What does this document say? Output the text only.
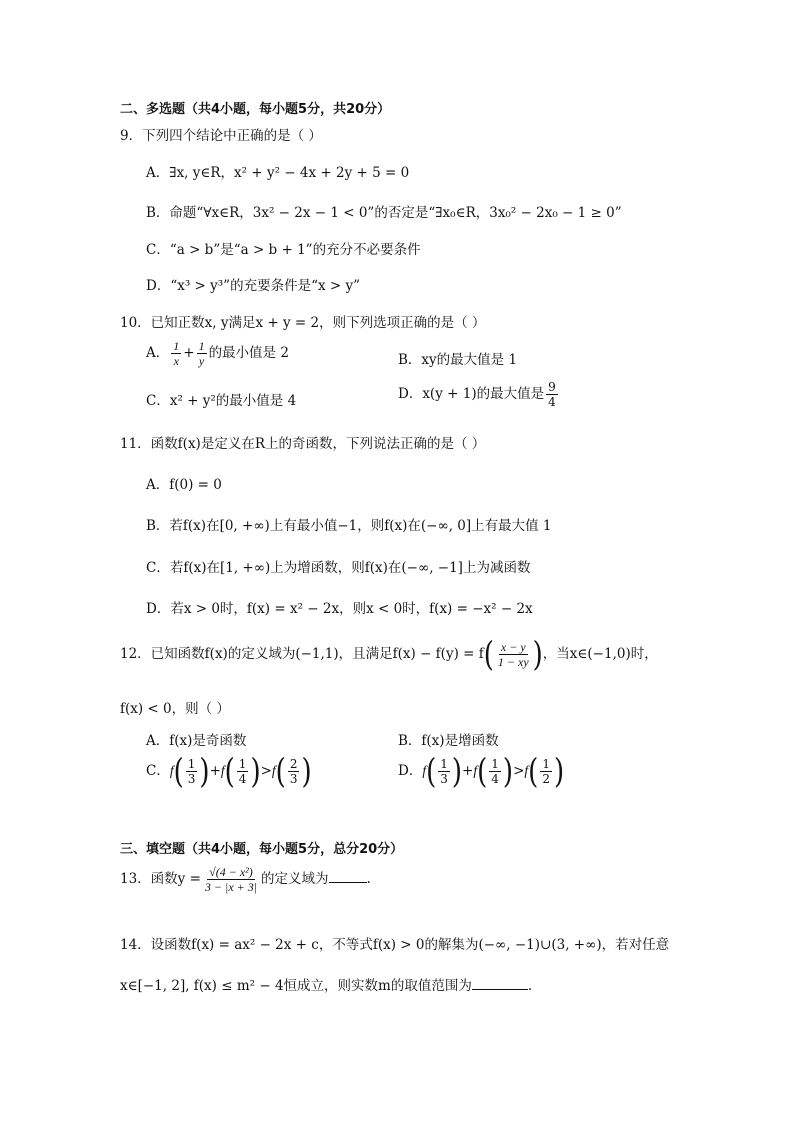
二、多选题（共4小题，每小题5分，共20分）
9．下列四个结论中正确的是（ ）
A．∃x, y∈R，x² + y² − 4x + 2y + 5 = 0
B．命题“∀x∈R，3x² − 2x − 1 < 0”的否定是“∃x₀∈R，3x₀² − 2x₀ − 1 ≥ 0”
C．“a > b”是“a > b + 1”的充分不必要条件
D．“x³ > y³”的充要条件是“x > y”
10．已知正数x, y满足x + y = 2，则下列选项正确的是（ ）
A． $\frac{1}{x} + \frac{1}{y}$ 的最小值是 2	B．xy的最大值是 1
C．x² + y²的最小值是 4	D．x(y + 1)的最大值是 $\frac{9}{4}$
11．函数f(x)是定义在R上的奇函数，下列说法正确的是（ ）
A．f(0) = 0
B．若f(x)在[0, +∞)上有最小值−1，则f(x)在(−∞, 0]上有最大值 1
C．若f(x)在[1, +∞)上为增函数，则f(x)在(−∞, −1]上为减函数
D．若x > 0时，f(x) = x² − 2x，则x < 0时，f(x) = −x² − 2x
12．已知函数f(x)的定义域为(−1,1)，且满足$f(x) - f(y) = f( \frac{x - y}{1 - xy}$ )，当x∈(−1,0)时，
f(x) < 0，则（ ）
A．f(x)是奇函数	B．f(x)是增函数
C．$f( \frac{1}{3} )+f( \frac{1}{4} )>f( \frac{2}{3}$ )	D．$f( \frac{1}{3} )+f( \frac{1}{4} )>f( \frac{1}{2}$ )
三、填空题（共4小题，每小题5分，总分20分）
13．函数$y = \frac{\text{√(4 − x²)}}{3 - |x + 3|}$ 的定义域为	.
14．设函数f(x) = ax² − 2x + c，不等式f(x) > 0的解集为(−∞, −1)∪(3, +∞)，若对任意
x∈[−1, 2], f(x) ≤ m² − 4恒成立，则实数m的取值范围为	.
